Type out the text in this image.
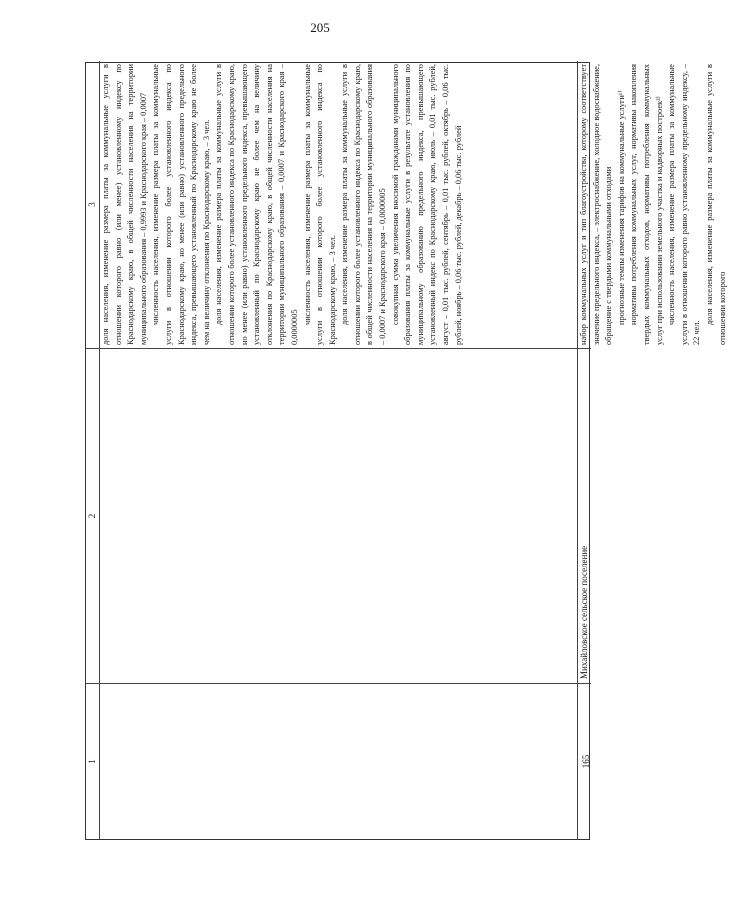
205
1
2
3 доля населения, изменение размера платы за коммунальные услуги в отношении которого равно (или менее) установленному индексу по Краснодарскому краю, в общей численности населения на территории муниципального образования – 0,9993 и Краснодарского края – 0,0007 численность населения, изменение размера платы за коммунальные услуги в отношении которого более установленного индекса по Краснодарскому краю, но менее (или равно) установленного предельного индекса, превышающего установленный по Краснодарскому краю не более чем на величину отклонения по Краснодарскому краю, – 3 чел. доля населения, изменение размера платы за коммунальные услуги в отношении которого более установленного индекса по Краснодарскому краю, но менее (или равно) установленного предельного индекса, превышающего установленный по Краснодарскому краю не более чем на величину отклонения по Краснодарскому краю, в общей численности населения на территории муниципального образования – 0,0007 и Краснодарского края – 0,0000005

численность населения, изменение размера платы за коммунальные услуги в отношении которого более установленного индекса по Краснодарскому краю, – 3 чел. доля населения, изменение размера платы за коммунальные услуги в отношении которого более установленного индекса по Краснодарскому краю, в общей численности населения на территории муниципального образования – 0,0007 и Краснодарского края – 0,0000005 совокупная сумма увеличения вносимой гражданами муниципального образования платы за коммунальные услуги в результате установления по муниципальному образованию предельного индекса, превышающего установленный индекс по Краснодарскому краю, июль – 0,01 тыс. рублей, август – 0,01 тыс. рублей, сентябрь – 0,01 тыс. рублей, октябрь – 0,06 тыс. рублей, ноябрь – 0,06 тыс. рублей, декабрь – 0,06 тыс. рублей

165
Михайловское сельское поселение

набор коммунальных услуг и тип благоустройства, которому соответствует значение предельного индекса, – электроснабжение, холодное водоснабжение, обращение с твердыми коммунальными отходами прогнозные темпы изменения тарифов на коммунальные услуги¹⁾ нормативы потребления коммунальных услуг, нормативы накопления твердых коммунальных отходов, нормативы потребления коммунальных услуг при использовании земельного участка и надворных построек²⁾ численность населения, изменение размера платы за коммунальные услуги в отношении которого равно установленному предельному индексу, – 22 чел.

доля населения, изменение размера платы за коммунальные услуги в отношении которого
